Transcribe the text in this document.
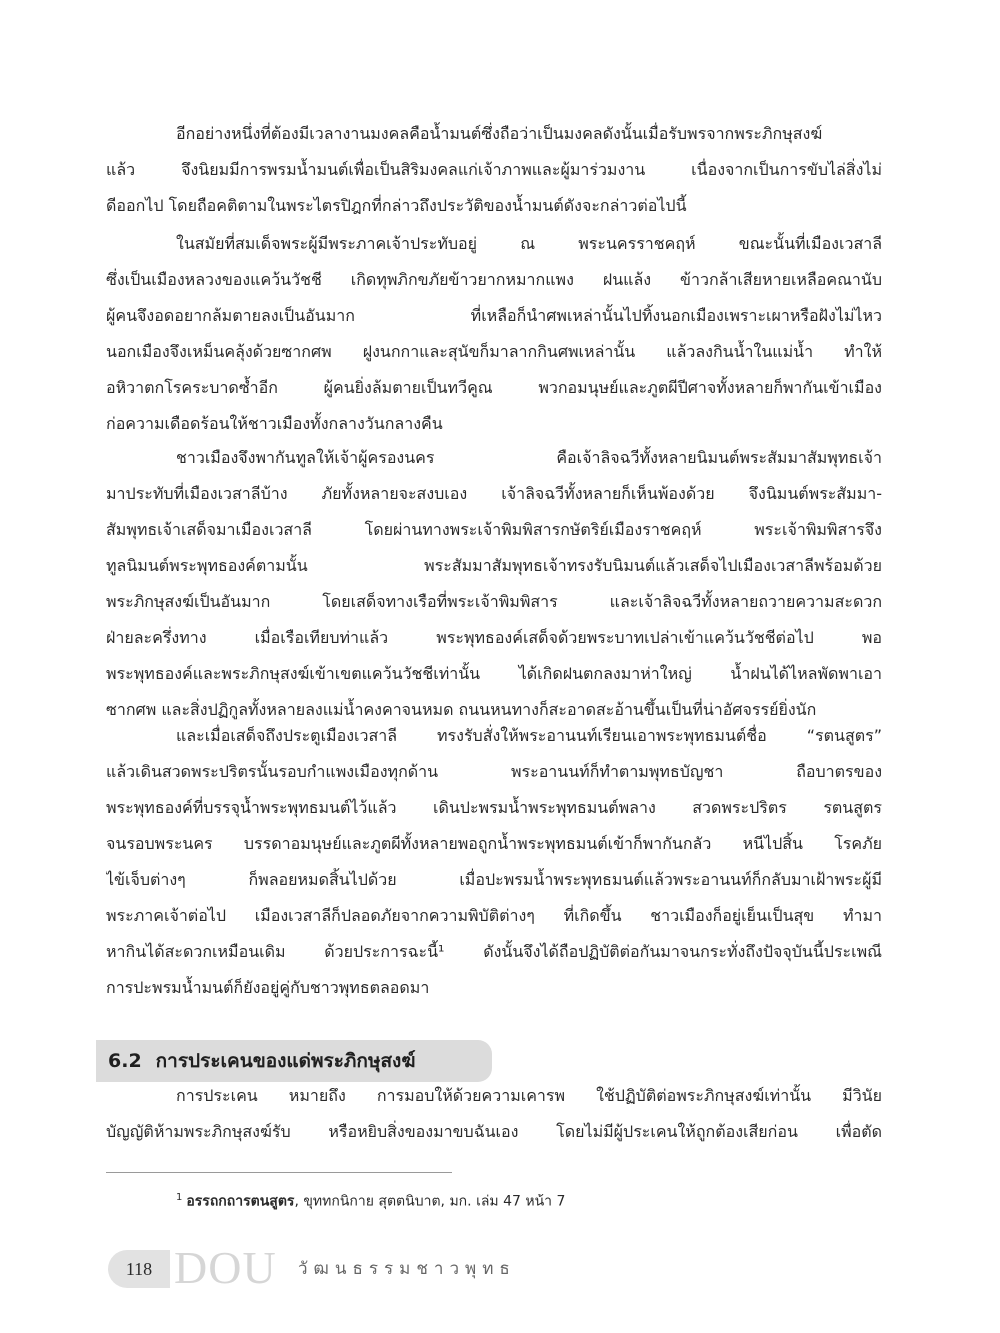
อีกอย่างหนึ่งที่ต้องมีเวลางานมงคลคือน้ำมนต์ซึ่งถือว่าเป็นมงคลดังนั้นเมื่อรับพรจากพระภิกษุสงฆ์
แล้ว จึงนิยมมีการพรมน้ำมนต์เพื่อเป็นสิริมงคลแก่เจ้าภาพและผู้มาร่วมงาน เนื่องจากเป็นการขับไล่สิ่งไม่
ดีออกไป โดยถือคติตามในพระไตรปิฎกที่กล่าวถึงประวัติของน้ำมนต์ดังจะกล่าวต่อไปนี้

ในสมัยที่สมเด็จพระผู้มีพระภาคเจ้าประทับอยู่ ณ พระนครราชคฤห์ ขณะนั้นที่เมืองเวสาลี
ซึ่งเป็นเมืองหลวงของแคว้นวัชชี เกิดทุพภิกขภัยข้าวยากหมากแพง ฝนแล้ง ข้าวกล้าเสียหายเหลือคณานับ
ผู้คนจึงอดอยากล้มตายลงเป็นอันมาก ที่เหลือก็นำศพเหล่านั้นไปทิ้งนอกเมืองเพราะเผาหรือฝังไม่ไหว
นอกเมืองจึงเหม็นคลุ้งด้วยซากศพ ฝูงนกกาและสุนัขก็มาลากกินศพเหล่านั้น แล้วลงกินน้ำในแม่น้ำ ทำให้
อหิวาตกโรคระบาดซ้ำอีก ผู้คนยิ่งล้มตายเป็นทวีคูณ พวกอมนุษย์และภูตผีปีศาจทั้งหลายก็พากันเข้าเมือง
ก่อความเดือดร้อนให้ชาวเมืองทั้งกลางวันกลางคืน

ชาวเมืองจึงพากันทูลให้เจ้าผู้ครองนคร คือเจ้าลิจฉวีทั้งหลายนิมนต์พระสัมมาสัมพุทธเจ้า
มาประทับที่เมืองเวสาลีบ้าง ภัยทั้งหลายจะสงบเอง เจ้าลิจฉวีทั้งหลายก็เห็นพ้องด้วย จึงนิมนต์พระสัมมา-
สัมพุทธเจ้าเสด็จมาเมืองเวสาลี โดยผ่านทางพระเจ้าพิมพิสารกษัตริย์เมืองราชคฤห์ พระเจ้าพิมพิสารจึง
ทูลนิมนต์พระพุทธองค์ตามนั้น พระสัมมาสัมพุทธเจ้าทรงรับนิมนต์แล้วเสด็จไปเมืองเวสาลีพร้อมด้วย
พระภิกษุสงฆ์เป็นอันมาก โดยเสด็จทางเรือที่พระเจ้าพิมพิสาร และเจ้าลิจฉวีทั้งหลายถวายความสะดวก
ฝ่ายละครึ่งทาง เมื่อเรือเทียบท่าแล้ว พระพุทธองค์เสด็จด้วยพระบาทเปล่าเข้าแคว้นวัชชีต่อไป พอ
พระพุทธองค์และพระภิกษุสงฆ์เข้าเขตแคว้นวัชชีเท่านั้น ได้เกิดฝนตกลงมาห่าใหญ่ น้ำฝนได้ไหลพัดพาเอา
ซากศพ และสิ่งปฏิกูลทั้งหลายลงแม่น้ำคงคาจนหมด ถนนหนทางก็สะอาดสะอ้านขึ้นเป็นที่น่าอัศจรรย์ยิ่งนัก

และเมื่อเสด็จถึงประตูเมืองเวสาลี ทรงรับสั่งให้พระอานนท์เรียนเอาพระพุทธมนต์ชื่อ “รตนสูตร”
แล้วเดินสวดพระปริตรนั้นรอบกำแพงเมืองทุกด้าน พระอานนท์ก็ทำตามพุทธบัญชา ถือบาตรของ
พระพุทธองค์ที่บรรจุน้ำพระพุทธมนต์ไว้แล้ว เดินปะพรมน้ำพระพุทธมนต์พลาง สวดพระปริตร รตนสูตร
จนรอบพระนคร บรรดาอมนุษย์และภูตผีทั้งหลายพอถูกน้ำพระพุทธมนต์เข้าก็พากันกลัว หนีไปสิ้น โรคภัย
ไข้เจ็บต่างๆ ก็พลอยหมดสิ้นไปด้วย เมื่อปะพรมน้ำพระพุทธมนต์แล้วพระอานนท์ก็กลับมาเฝ้าพระผู้มี
พระภาคเจ้าต่อไป เมืองเวสาลีก็ปลอดภัยจากความพิบัติต่างๆ ที่เกิดขึ้น ชาวเมืองก็อยู่เย็นเป็นสุข ทำมา
หากินได้สะดวกเหมือนเดิม ด้วยประการฉะนี้¹ ดังนั้นจึงได้ถือปฏิบัติต่อกันมาจนกระทั่งถึงปัจจุบันนี้ประเพณี
การปะพรมน้ำมนต์ก็ยังอยู่คู่กับชาวพุทธตลอดมา

6.2 การประเคนของแด่พระภิกษุสงฆ์

การประเคน หมายถึง การมอบให้ด้วยความเคารพ ใช้ปฏิบัติต่อพระภิกษุสงฆ์เท่านั้น มีวินัย
บัญญัติห้ามพระภิกษุสงฆ์รับ หรือหยิบสิ่งของมาขบฉันเอง โดยไม่มีผู้ประเคนให้ถูกต้องเสียก่อน เพื่อตัด

$^1$ อรรถกถารตนสูตร, ขุททกนิกาย สุตตนิบาต, มก. เล่ม 47 หน้า 7
118 DOU วัฒนธรรมชาวพุทธ
